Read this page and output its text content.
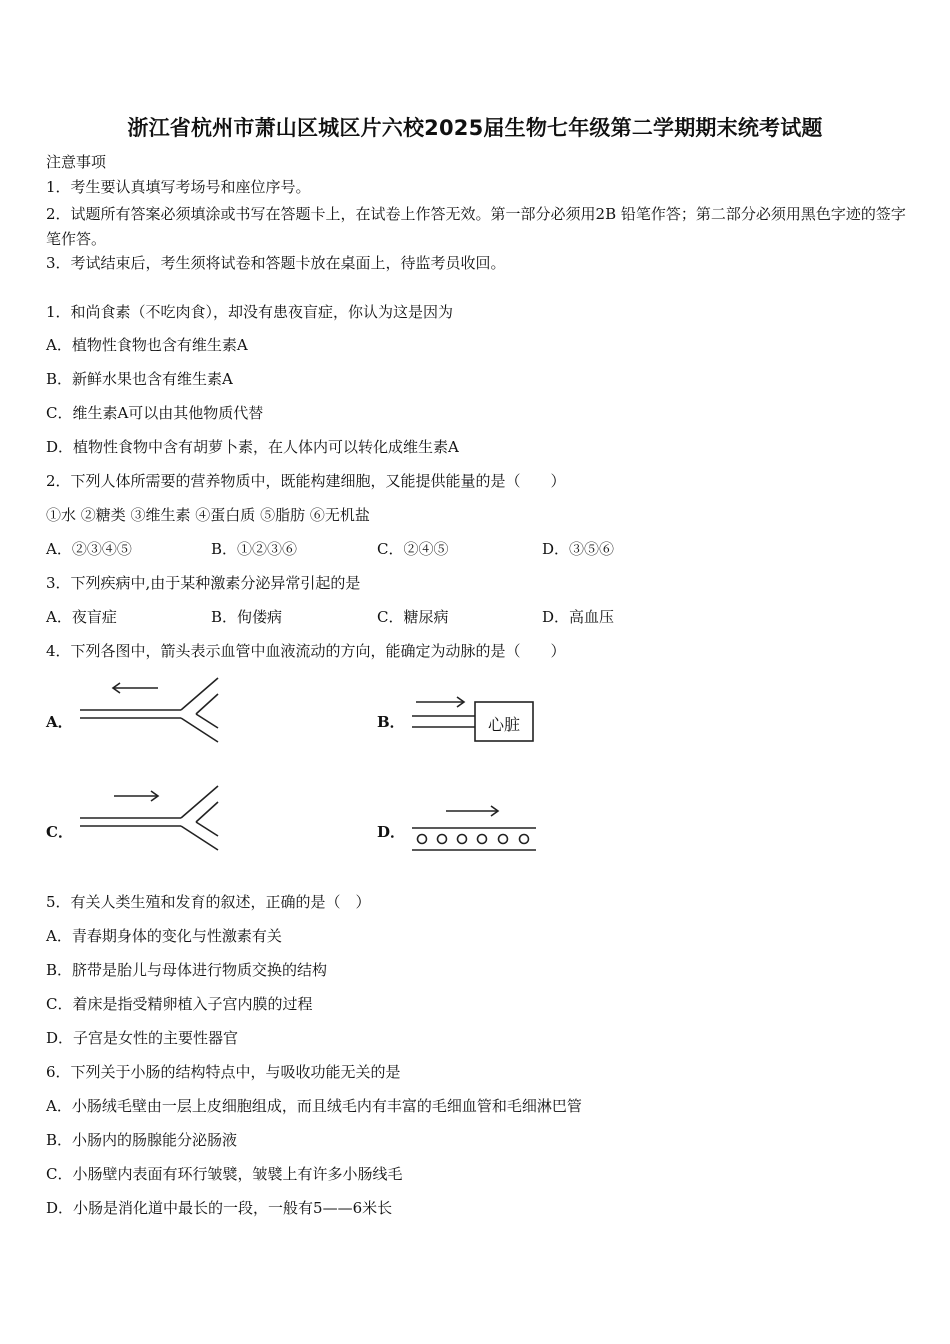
浙江省杭州市萧山区城区片六校2025届生物七年级第二学期期末统考试题
注意事项
1．考生要认真填写考场号和座位序号。
2．试题所有答案必须填涂或书写在答题卡上，在试卷上作答无效。第一部分必须用2B 铅笔作答；第二部分必须用黑色字迹的签字笔作答。
3．考试结束后，考生须将试卷和答题卡放在桌面上，待监考员收回。
1．和尚食素（不吃肉食），却没有患夜盲症，你认为这是因为
A．植物性食物也含有维生素A
B．新鲜水果也含有维生素A
C．维生素A可以由其他物质代替
D．植物性食物中含有胡萝卜素，在人体内可以转化成维生素A
2．下列人体所需要的营养物质中，既能构建细胞，又能提供能量的是（　　）
①水 ②糖类 ③维生素 ④蛋白质 ⑤脂肪 ⑥无机盐
A．②③④⑤	B．①②③⑥	C．②④⑤	D．③⑤⑥
3．下列疾病中,由于某种激素分泌异常引起的是
A．夜盲症	B．佝偻病	C．糖尿病	D．高血压
4．下列各图中，箭头表示血管中血液流动的方向，能确定为动脉的是（　　）
A．	B．	心脏
C．	D．
5．有关人类生殖和发育的叙述，正确的是（　）
A．青春期身体的变化与性激素有关
B．脐带是胎儿与母体进行物质交换的结构
C．着床是指受精卵植入子宫内膜的过程
D．子宫是女性的主要性器官
6．下列关于小肠的结构特点中，与吸收功能无关的是
A．小肠绒毛壁由一层上皮细胞组成，而且绒毛内有丰富的毛细血管和毛细淋巴管
B．小肠内的肠腺能分泌肠液
C．小肠壁内表面有环行皱襞，皱襞上有许多小肠线毛
D．小肠是消化道中最长的一段，一般有5——6米长
